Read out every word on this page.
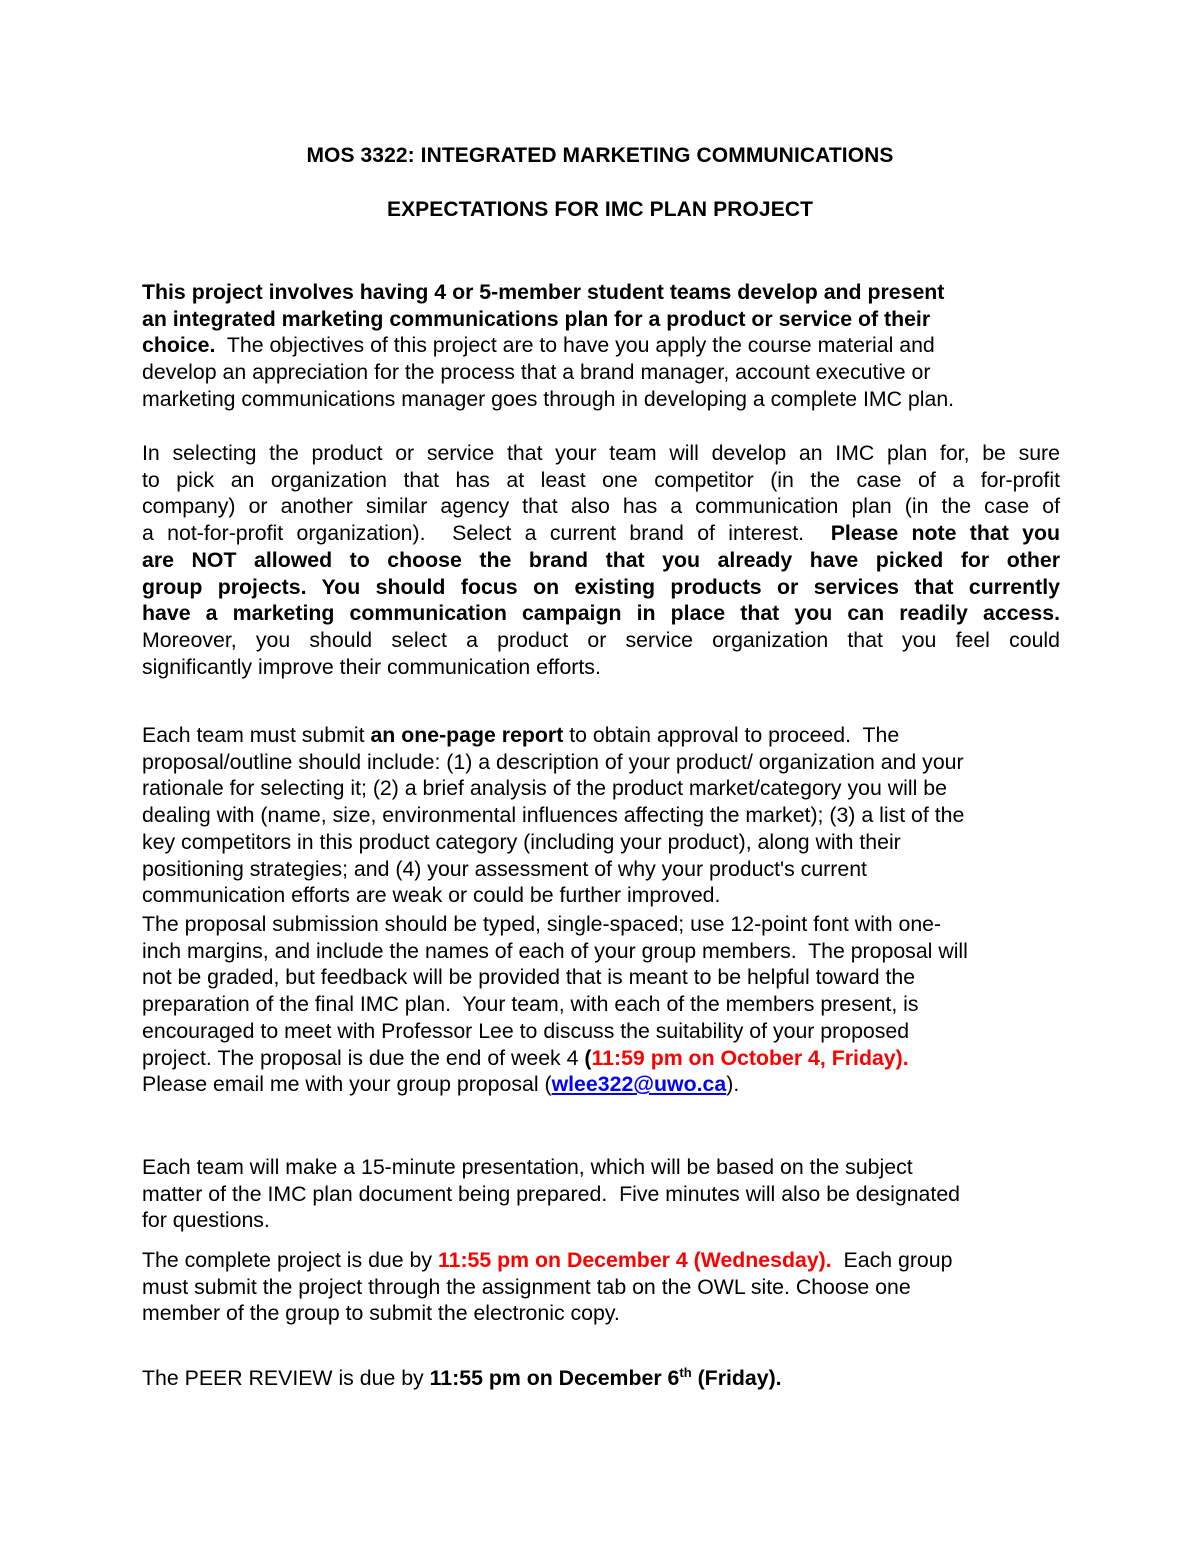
MOS 3322: INTEGRATED MARKETING COMMUNICATIONS
EXPECTATIONS FOR IMC PLAN PROJECT
This project involves having 4 or 5-member student teams develop and present
an integrated marketing communications plan for a product or service of their
choice.  The objectives of this project are to have you apply the course material and
develop an appreciation for the process that a brand manager, account executive or
marketing communications manager goes through in developing a complete IMC plan.
In selecting the product or service that your team will develop an IMC plan for, be sure
to pick an organization that has at least one competitor (in the case of a for-profit
company) or another similar agency that also has a communication plan (in the case of
a not-for-profit organization).  Select a current brand of interest.  Please note that you
are NOT allowed to choose the brand that you already have picked for other
group projects. You should focus on existing products or services that currently
have a marketing communication campaign in place that you can readily access.
Moreover, you should select a product or service organization that you feel could
significantly improve their communication efforts.
Each team must submit an one-page report to obtain approval to proceed.  The
proposal/outline should include: (1) a description of your product/ organization and your
rationale for selecting it; (2) a brief analysis of the product market/category you will be
dealing with (name, size, environmental influences affecting the market); (3) a list of the
key competitors in this product category (including your product), along with their
positioning strategies; and (4) your assessment of why your product's current
communication efforts are weak or could be further improved.
The proposal submission should be typed, single-spaced; use 12-point font with one-
inch margins, and include the names of each of your group members.  The proposal will
not be graded, but feedback will be provided that is meant to be helpful toward the
preparation of the final IMC plan.  Your team, with each of the members present, is
encouraged to meet with Professor Lee to discuss the suitability of your proposed
project. The proposal is due the end of week 4 (11:59 pm on October 4, Friday).
Please email me with your group proposal (wlee322@uwo.ca).
Each team will make a 15-minute presentation, which will be based on the subject
matter of the IMC plan document being prepared.  Five minutes will also be designated
for questions.
The complete project is due by 11:55 pm on December 4 (Wednesday).  Each group
must submit the project through the assignment tab on the OWL site. Choose one
member of the group to submit the electronic copy.
The PEER REVIEW is due by 11:55 pm on December 6th (Friday).
